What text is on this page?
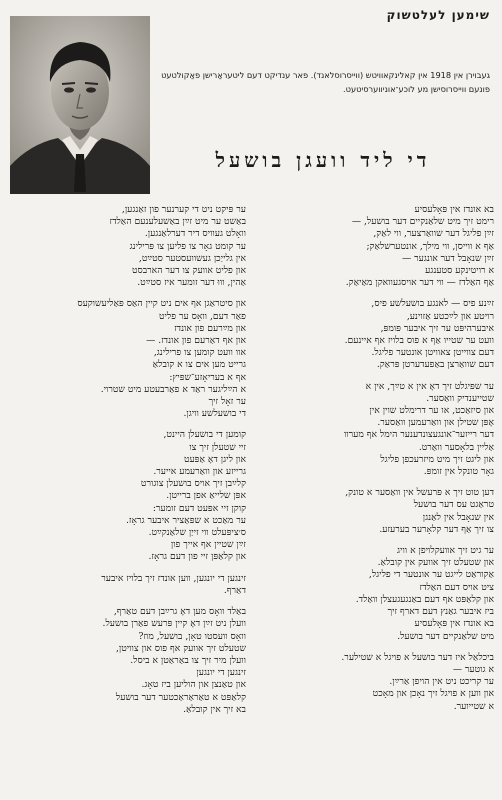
שימען לעלטשוק
געבוירן אין 1918 אין קאלינקאוויטש (ווייסרוסלאנד). פאר ענדיקט דעם ליטעראַרישן פאַקולטעט פונעם ווייסרוסישן מע לוכע־אוניווערסיטעט.
די ליד וועגן בושעל
בא אונדז אין פּאָלעסיע
רימט זיך מיט שלאַנקיים דער בושעל, —
זײַן פליגל דער שוואַרצער, ווי לאַק,
אַף א ווייסן, ווי מילך, אונטערשלאַק;
זײַן שנאָבל דער אונגער —
א רויטינקע סטענגע
אַף האַלדז — ווי דער אויסגעוואקן מאַיאַק.
זײַנע פיס — לאנגע בושעלשע פיס,
רויטע און לײַכטע אַזוינע,
איבערהיפּט ער זיך איבער פּומפּ,
וועט ער שטייו אַף א פוס בלויז אף איינעם.
דעם צווייטן צאוויטן אונטער פליגל.
דעם שוואַרצן באַפעדערטן פּראַק.
ער שפּיגלט זיך דאָ אין א טײַך, אין א
שטייענדיק וואַסער.
און סיזאַכט, או ער דרימלט שוין אין
אָפּן שטילן און וואַרעמען וואַסער.
דער רייזער־אונגעצונדענער הימל אף מערוו
אַליין בלאָסער וואַרט.
און ליגט זיך מיט מיזרעכפן פליגל
גאָר טונקל אין זומפּ.
דען טוט זיך א פּרעשל אין וואַסער א טונק,
טראַגט עס דער בושעל
אין שנאָבל אין לאַנגן
צו זיך אַף דער קלאָרער בערעזע.
ער גיט זיך אוועקלויפן א וויג
און שטעלט זיך אוועק אין קובלאַ.
אַקוראַט לייגט ער אונטער די פליגל,
ציט אויס דעם האַלדז
און קלאַפּט אף דעם באַנגעגעצלן וואַלד.
ביז איבער גאַנץ דעם דארף זיך
בא אונדז אין פּאָלעסיע
מיט שלאַנקיים דער בושעל.
ביכלאַל איז דער בושעל א פויגל א שטילער.
א גוטער —
ער קריכט ניט אין הויפן אַרײַן.
און ווען א פויגל זיך נאָכן און מאָכט
א שטייוער.
ער פּיקט ניט די קערנער פון זאַנגען,
באַשט ער מיט זײַן באַשעלענעם האַלדז
וואָלט געוויס דיר דערלאַנגען.
ער קומט גאָר צו פליען צו פּרילינג
אין גלייַכן געשוועסטער סטײַט,
און פליט אוועק צו דער הארבסט
אַהין, וווּ דער זומער איז סטײַט.
און סיטראַגן אף אים ניט קיין האַס פּאַליעשוקעס
פאַר דעם, וואָס ער פליט
און מײַרעם פון אונדז
און אף דאַרעם פון אונדז. —
אוו וועט קומען צו פרילינג,
גרייט מען אים צו א קובלאַ
אף א בעריאָזע־שפּיץ:
א הײַליגער ראַד א פאַרבעטע מיט שטרוי.
ער זאָל זיך
די בושעלשע וויגן.
קומען די בושעלן היינט,
זיי שטעלן זיך צו
און ליגן דאָ אַפּעט
גרייזע און וואַרעמע אייער.
קלײַבן זיך אויס בושעלן צוגורט
אפּן שלייאַ אפן ברייטן.
קוקן זיי אפּעט דעם זומער:
ער מאַכט א שפּאַציר איבער גראָז.
ס׳ציפּעלט ווי זייַן שלאַנקײַט.
זײַן שטיין אף אייך פון
און קלאַפּן זיי פון דעם גראָז.
זינגען די יונגען, ווען אונדז זיך בלויז איבער
דאַרף.
באַלד וואָס מען דאָ גרײַבן דעם טאַרף,
וועלן ניט זײַן דאָ קיין פּרעש פאַרן בושעל.
וואָס וועסטו טאָן, בושעל, מוז?
שטעלט זיך אוועק אף פוס און צוויטן,
וועלן מיר זיך צו באַראַטן א ביסל.
זינגען די יונגען
און טאַנצן און הוליען ביז טאָג.
קלאַפּט א טאַראַראַכטער דער בושעל
בא זיך אין קובלאַ.
